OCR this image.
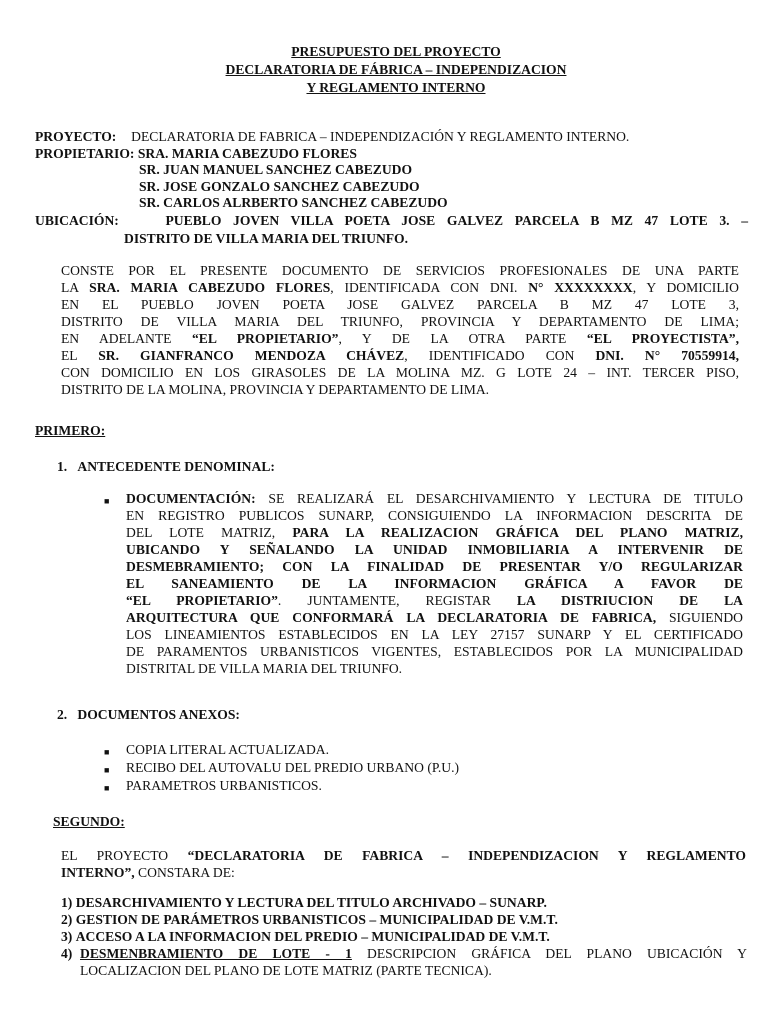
PRESUPUESTO DEL PROYECTO
DECLARATORIA DE FÁBRICA – INDEPENDIZACION
Y REGLAMENTO INTERNO
PROYECTO: DECLARATORIA DE FABRICA – INDEPENDIZACIÓN Y REGLAMENTO INTERNO.
PROPIETARIO: SRA. MARIA CABEZUDO FLORES
SR. JUAN MANUEL SANCHEZ CABEZUDO
SR. JOSE GONZALO SANCHEZ CABEZUDO
SR. CARLOS ALRBERTO SANCHEZ CABEZUDO
UBICACIÓN:	PUEBLO JOVEN VILLA POETA JOSE GALVEZ PARCELA B MZ 47 LOTE 3. –
DISTRITO DE VILLA MARIA DEL TRIUNFO.
CONSTE POR EL PRESENTE DOCUMENTO DE SERVICIOS PROFESIONALES DE UNA PARTE
LA SRA. MARIA CABEZUDO FLORES, IDENTIFICADA CON DNI. N° XXXXXXXX, Y DOMICILIO
EN EL PUEBLO JOVEN POETA JOSE GALVEZ PARCELA B MZ 47 LOTE 3,
DISTRITO DE VILLA MARIA DEL TRIUNFO, PROVINCIA Y DEPARTAMENTO DE LIMA;
EN ADELANTE “EL PROPIETARIO”, Y DE LA OTRA PARTE “EL PROYECTISTA”,
EL SR. GIANFRANCO MENDOZA CHÁVEZ, IDENTIFICADO CON DNI. N° 70559914,
CON DOMICILIO EN LOS GIRASOLES DE LA MOLINA MZ. G LOTE 24 – INT. TERCER PISO,
DISTRITO DE LA MOLINA, PROVINCIA Y DEPARTAMENTO DE LIMA.
PRIMERO:
1. ANTECEDENTE DENOMINAL:
■ DOCUMENTACIÓN: SE REALIZARÁ EL DESARCHIVAMIENTO Y LECTURA DE TITULO
EN REGISTRO PUBLICOS SUNARP, CONSIGUIENDO LA INFORMACION DESCRITA DE
DEL LOTE MATRIZ, PARA LA REALIZACION GRÁFICA DEL PLANO MATRIZ,
UBICANDO Y SEÑALANDO LA UNIDAD INMOBILIARIA A INTERVENIR DE
DESMEBRAMIENTO; CON LA FINALIDAD DE PRESENTAR Y/O REGULARIZAR
EL SANEAMIENTO DE LA INFORMACION GRÁFICA A FAVOR DE
“EL PROPIETARIO”. JUNTAMENTE, REGISTAR LA DISTRIUCION DE LA
ARQUITECTURA QUE CONFORMARÁ LA DECLARATORIA DE FABRICA, SIGUIENDO
LOS LINEAMIENTOS ESTABLECIDOS EN LA LEY 27157 SUNARP Y EL CERTIFICADO
DE PARAMENTOS URBANISTICOS VIGENTES, ESTABLECIDOS POR LA MUNICIPALIDAD
DISTRITAL DE VILLA MARIA DEL TRIUNFO.
2. DOCUMENTOS ANEXOS:
■ COPIA LITERAL ACTUALIZADA.
■ RECIBO DEL AUTOVALU DEL PREDIO URBANO (P.U.)
■ PARAMETROS URBANISTICOS.
SEGUNDO:
EL PROYECTO “DECLARATORIA DE FABRICA – INDEPENDIZACION Y REGLAMENTO
INTERNO”, CONSTARA DE:
1) DESARCHIVAMIENTO Y LECTURA DEL TITULO ARCHIVADO – SUNARP.
2) GESTION DE PARÁMETROS URBANISTICOS – MUNICIPALIDAD DE V.M.T.
3) ACCESO A LA INFORMACION DEL PREDIO – MUNICIPALIDAD DE V.M.T.
4) DESMENBRAMIENTO DE LOTE - 1 DESCRIPCION GRÁFICA DEL PLANO UBICACIÓN Y
LOCALIZACION DEL PLANO DE LOTE MATRIZ (PARTE TECNICA).
